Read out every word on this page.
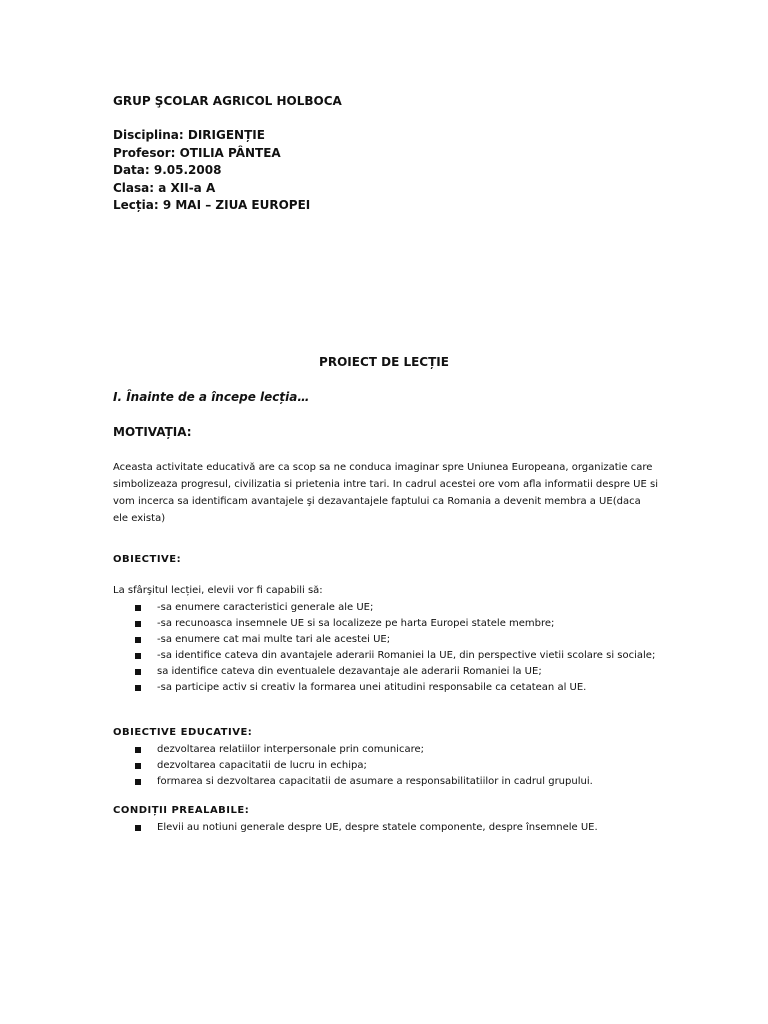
GRUP ŞCOLAR AGRICOL HOLBOCA
Disciplina: DIRIGENȚIE
Profesor: OTILIA PÂNTEA
Data: 9.05.2008
Clasa: a XII-a A
Lecția: 9 MAI – ZIUA EUROPEI
PROIECT DE LECȚIE
I. Înainte de a începe lecția…
MOTIVAȚIA:
Aceasta activitate educativă are ca scop sa ne conduca imaginar spre Uniunea Europeana, organizatie care simbolizeaza progresul, civilizatia si prietenia intre tari. In cadrul acestei ore vom afla informatii despre UE si vom incerca sa identificam avantajele şi dezavantajele faptului ca Romania a devenit membra a UE(daca ele exista)
OBIECTIVE:
La sfârşitul lecției, elevii vor fi capabili să:
-sa enumere caracteristici generale ale UE;
-sa recunoasca insemnele UE si sa localizeze pe harta Europei statele membre;
-sa enumere cat mai multe tari ale acestei UE;
-sa identifice cateva din avantajele aderarii Romaniei la UE, din perspective vietii scolare si sociale;
sa identifice cateva din eventualele dezavantaje ale aderarii Romaniei la UE;
-sa participe activ si creativ la formarea unei atitudini responsabile ca cetatean al UE.
OBIECTIVE EDUCATIVE:
dezvoltarea relatiilor interpersonale prin comunicare;
dezvoltarea capacitatii de lucru in echipa;
formarea si dezvoltarea capacitatii de asumare a responsabilitatiilor in cadrul grupului.
CONDIȚII PREALABILE:
Elevii au notiuni generale despre UE, despre statele componente, despre însemnele UE.
